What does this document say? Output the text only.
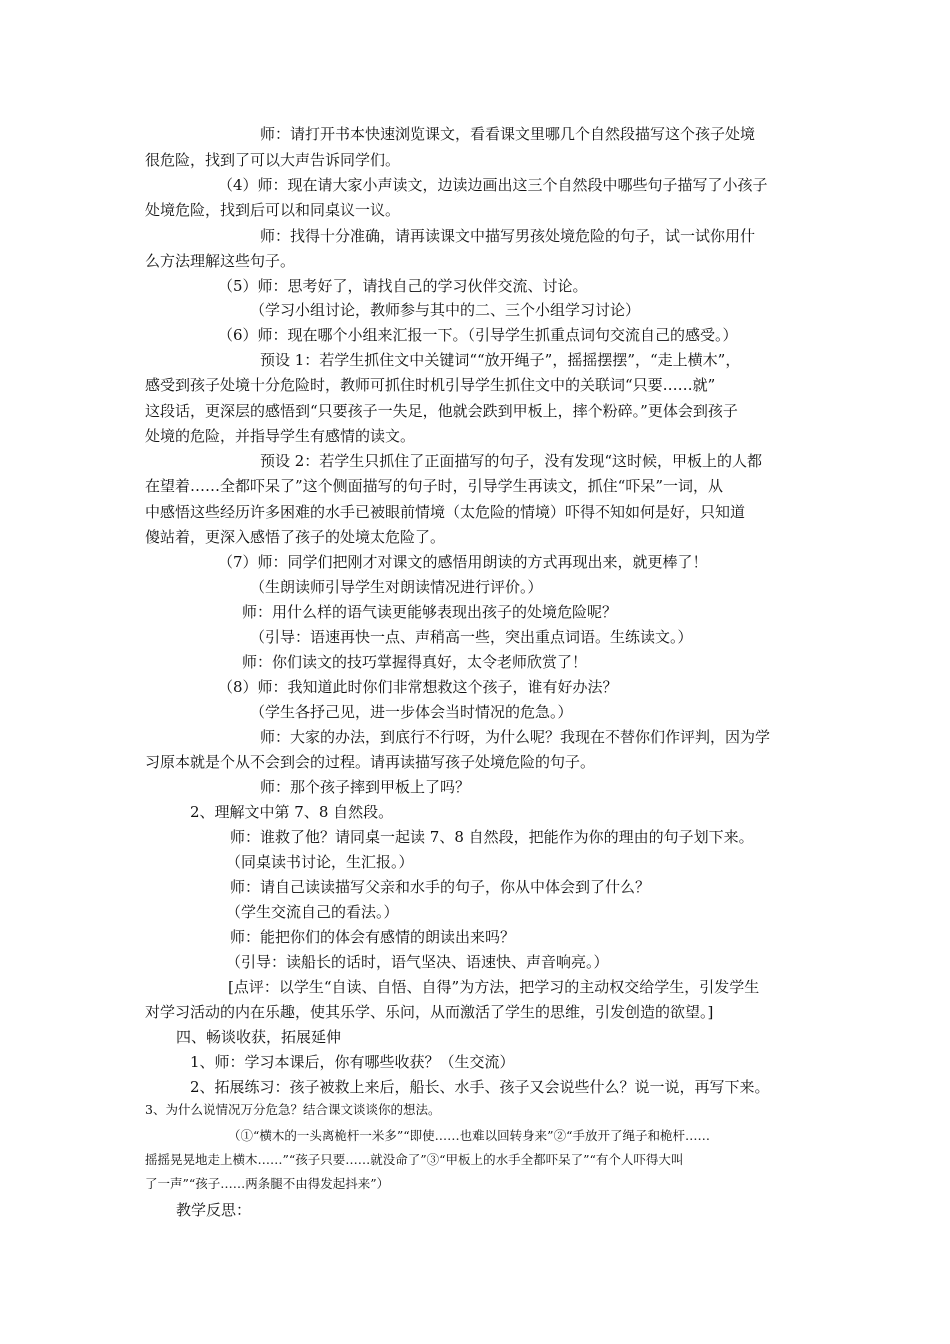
师：请打开书本快速浏览课文，看看课文里哪几个自然段描写这个孩子处境
很危险，找到了可以大声告诉同学们。
（4）师：现在请大家小声读文，边读边画出这三个自然段中哪些句子描写了小孩子
处境危险，找到后可以和同桌议一议。
师：找得十分准确，请再读课文中描写男孩处境危险的句子，试一试你用什
么方法理解这些句子。
（5）师：思考好了，请找自己的学习伙伴交流、讨论。
（学习小组讨论，教师参与其中的二、三个小组学习讨论）
（6）师：现在哪个小组来汇报一下。（引导学生抓重点词句交流自己的感受。）
预设 1：若学生抓住文中关键词““放开绳子”，摇摇摆摆”，“走上横木”，
感受到孩子处境十分危险时，教师可抓住时机引导学生抓住文中的关联词“只要……就”
这段话，更深层的感悟到“只要孩子一失足，他就会跌到甲板上，摔个粉碎。”更体会到孩子
处境的危险，并指导学生有感情的读文。
预设 2：若学生只抓住了正面描写的句子，没有发现“这时候，甲板上的人都
在望着……全都吓呆了”这个侧面描写的句子时，引导学生再读文，抓住“吓呆”一词，从
中感悟这些经历许多困难的水手已被眼前情境（太危险的情境）吓得不知如何是好，只知道
傻站着，更深入感悟了孩子的处境太危险了。
（7）师：同学们把刚才对课文的感悟用朗读的方式再现出来，就更棒了！
（生朗读师引导学生对朗读情况进行评价。）
师：用什么样的语气读更能够表现出孩子的处境危险呢？
（引导：语速再快一点、声稍高一些，突出重点词语。生练读文。）
师：你们读文的技巧掌握得真好，太令老师欣赏了！
（8）师：我知道此时你们非常想救这个孩子，谁有好办法？
（学生各抒己见，进一步体会当时情况的危急。）
师：大家的办法，到底行不行呀，为什么呢？我现在不替你们作评判，因为学
习原本就是个从不会到会的过程。请再读描写孩子处境危险的句子。
师：那个孩子摔到甲板上了吗？
2、理解文中第 7、8 自然段。
师：谁救了他？请同桌一起读 7、8 自然段，把能作为你的理由的句子划下来。
（同桌读书讨论，生汇报。）
师：请自己读读描写父亲和水手的句子，你从中体会到了什么？
（学生交流自己的看法。）
师：能把你们的体会有感情的朗读出来吗？
（引导：读船长的话时，语气坚决、语速快、声音响亮。）
[点评：以学生“自读、自悟、自得”为方法，把学习的主动权交给学生，引发学生
对学习活动的内在乐趣，使其乐学、乐问，从而激活了学生的思维，引发创造的欲望。]
四、畅谈收获，拓展延伸
1、师：学习本课后，你有哪些收获？（生交流）
2、拓展练习：孩子被救上来后，船长、水手、孩子又会说些什么？说一说，再写下来。
3、为什么说情况万分危急？结合课文谈谈你的想法。
（①“横木的一头离桅杆一米多”“即使……也难以回转身来”②“手放开了绳子和桅杆……
摇摇晃晃地走上横木……”“孩子只要……就没命了”③“甲板上的水手全都吓呆了”“有个人吓得大叫
了一声”“孩子……两条腿不由得发起抖来”）
教学反思：
